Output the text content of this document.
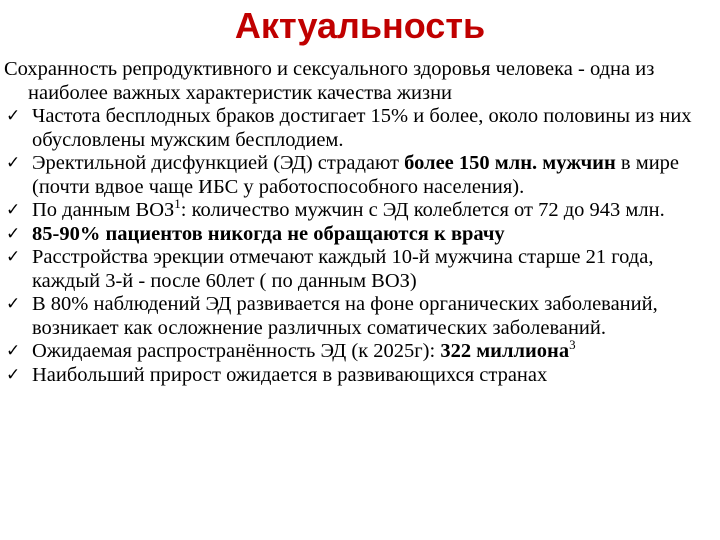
Актуальность

Сохранность репродуктивного и сексуального здоровья человека - одна из наиболее важных характеристик качества жизни

✓ Частота бесплодных браков достигает 15% и более, около половины из них обусловлены мужским бесплодием.
✓ Эректильной дисфункцией (ЭД) страдают более 150 млн. мужчин в мире (почти вдвое чаще ИБС у работоспособного населения).
✓ По данным ВОЗ$^1$: количество мужчин с ЭД колеблется от 72 до 943 млн.
✓ 85-90% пациентов никогда не обращаются к врачу
✓ Расстройства эрекции отмечают каждый 10-й мужчина старше 21 года, каждый 3-й - после 60лет ( по данным ВОЗ)
✓ В 80% наблюдений ЭД развивается на фоне органических заболеваний, возникает как осложнение различных соматических заболеваний.
✓ Ожидаемая распространённость ЭД (к 2025г): 322 миллиона$^3$
✓ Наибольший прирост ожидается в развивающихся странах
